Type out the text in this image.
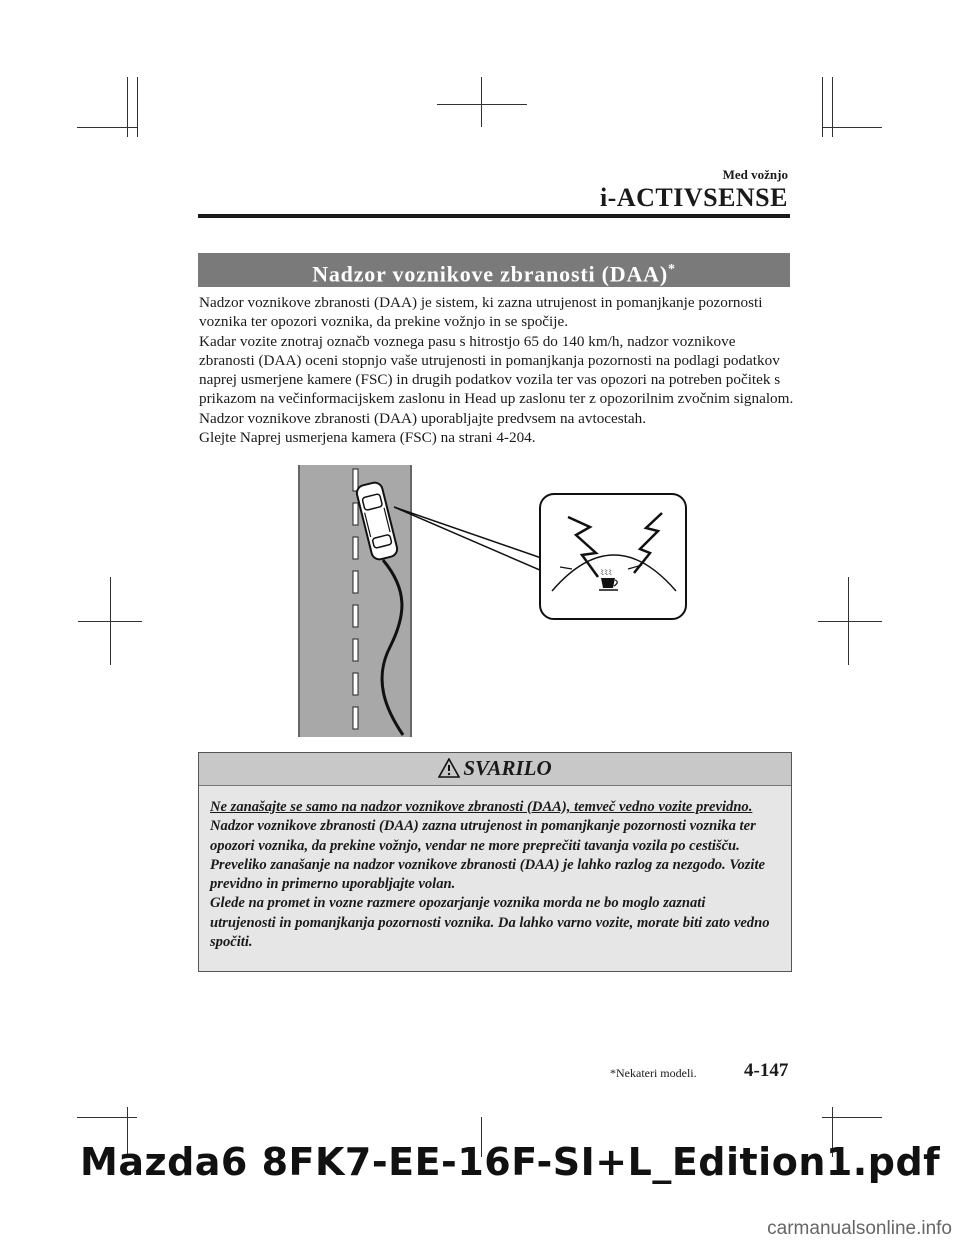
Med vožnjo
i-ACTIVSENSE
Nadzor voznikove zbranosti (DAA)*

Nadzor voznikove zbranosti (DAA) je sistem, ki zazna utrujenost in pomanjkanje pozornosti voznika ter opozori voznika, da prekine vožnjo in se spočije.

Kadar vozite znotraj označb voznega pasu s hitrostjo 65 do 140 km/h, nadzor voznikove zbranosti (DAA) oceni stopnjo vaše utrujenosti in pomanjkanja pozornosti na podlagi podatkov naprej usmerjene kamere (FSC) in drugih podatkov vozila ter vas opozori na potreben počitek s prikazom na večinformacijskem zaslonu in Head up zaslonu ter z opozorilnim zvočnim signalom.

Nadzor voznikove zbranosti (DAA) uporabljajte predvsem na avtocestah.

Glejte Naprej usmerjena kamera (FSC) na strani 4-204.

ﾐﾐﾐ
SVARILO

Ne zanašajte se samo na nadzor voznikove zbranosti (DAA), temveč vedno vozite previdno.

Nadzor voznikove zbranosti (DAA) zazna utrujenost in pomanjkanje pozornosti voznika ter opozori voznika, da prekine vožnjo, vendar ne more preprečiti tavanja vozila po cestišču. Preveliko zanašanje na nadzor voznikove zbranosti (DAA) je lahko razlog za nezgodo. Vozite previdno in primerno uporabljajte volan.

Glede na promet in vozne razmere opozarjanje voznika morda ne bo moglo zaznati utrujenosti in pomanjkanja pozornosti voznika. Da lahko varno vozite, morate biti zato vedno spočiti.

*Nekateri modeli. 4-147
Mazda6 8FK7-EE-16F-SI+L_Edition1.pdf
carmanualsonline.info
